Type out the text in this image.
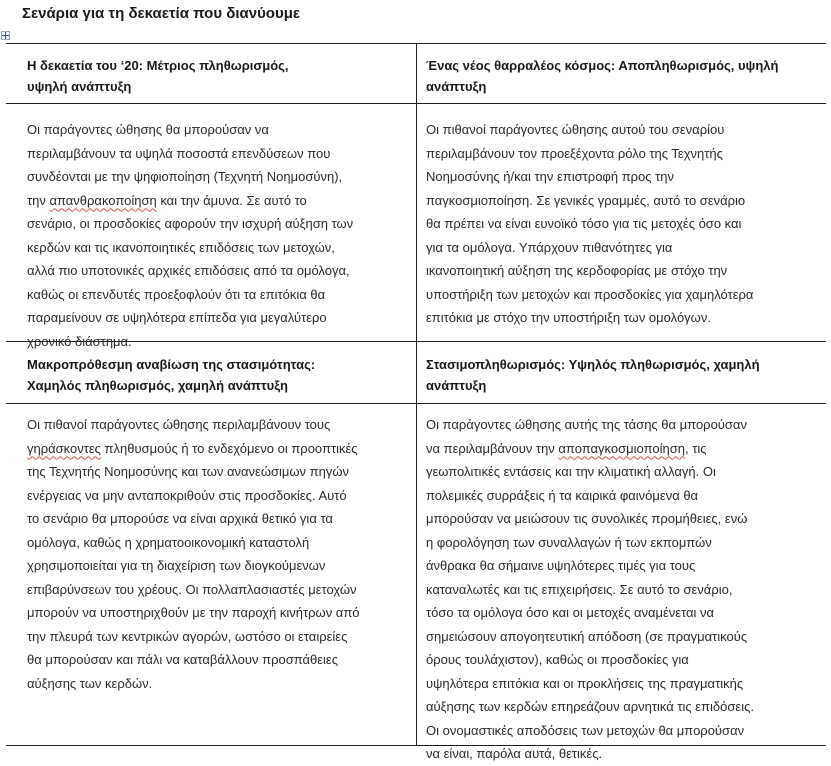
Σενάρια για τη δεκαετία που διανύουμε
Η δεκαετία του ‘20: Μέτριος πληθωρισμός,
υψηλή ανάπτυξη
Οι παράγοντες ώθησης θα μπορούσαν να
περιλαμβάνουν τα υψηλά ποσοστά επενδύσεων που
συνδέονται με την ψηφιοποίηση (Τεχνητή Νοημοσύνη),
την απανθρακοποίηση και την άμυνα. Σε αυτό το
σενάριο, οι προσδοκίες αφορούν την ισχυρή αύξηση των
κερδών και τις ικανοποιητικές επιδόσεις των μετοχών,
αλλά πιο υποτονικές αρχικές επιδόσεις από τα ομόλογα,
καθώς οι επενδυτές προεξοφλούν ότι τα επιτόκια θα
παραμείνουν σε υψηλότερα επίπεδα για μεγαλύτερο
χρονικό διάστημα.
Ένας νέος θαρραλέος κόσμος: Αποπληθωρισμός, υψηλή
ανάπτυξη
Οι πιθανοί παράγοντες ώθησης αυτού του σεναρίου
περιλαμβάνουν τον προεξέχοντα ρόλο της Τεχνητής
Νοημοσύνης ή/και την επιστροφή προς την
παγκοσμιοποίηση. Σε γενικές γραμμές, αυτό το σενάριο
θα πρέπει να είναι ευνοϊκό τόσο για τις μετοχές όσο και
για τα ομόλογα. Υπάρχουν πιθανότητες για
ικανοποιητική αύξηση της κερδοφορίας με στόχο την
υποστήριξη των μετοχών και προσδοκίες για χαμηλότερα
επιτόκια με στόχο την υποστήριξη των ομολόγων.
Μακροπρόθεσμη αναβίωση της στασιμότητας:
Χαμηλός πληθωρισμός, χαμηλή ανάπτυξη
Οι πιθανοί παράγοντες ώθησης περιλαμβάνουν τους
γηράσκοντες πληθυσμούς ή το ενδεχόμενο οι προοπτικές
της Τεχνητής Νοημοσύνης και των ανανεώσιμων πηγών
ενέργειας να μην ανταποκριθούν στις προσδοκίες. Αυτό
το σενάριο θα μπορούσε να είναι αρχικά θετικό για τα
ομόλογα, καθώς η χρηματοοικονομική καταστολή
χρησιμοποιείται για τη διαχείριση των διογκούμενων
επιβαρύνσεων του χρέους. Οι πολλαπλασιαστές μετοχών
μπορούν να υποστηριχθούν με την παροχή κινήτρων από
την πλευρά των κεντρικών αγορών, ωστόσο οι εταιρείες
θα μπορούσαν και πάλι να καταβάλλουν προσπάθειες
αύξησης των κερδών.
Στασιμοπληθωρισμός: Υψηλός πληθωρισμός, χαμηλή
ανάπτυξη
Οι παράγοντες ώθησης αυτής της τάσης θα μπορούσαν
να περιλαμβάνουν την αποπαγκοσμιοποίηση, τις
γεωπολιτικές εντάσεις και την κλιματική αλλαγή. Οι
πολεμικές συρράξεις ή τα καιρικά φαινόμενα θα
μπορούσαν να μειώσουν τις συνολικές προμήθειες, ενώ
η φορολόγηση των συναλλαγών ή των εκπομπών
άνθρακα θα σήμαινε υψηλότερες τιμές για τους
καταναλωτές και τις επιχειρήσεις. Σε αυτό το σενάριο,
τόσο τα ομόλογα όσο και οι μετοχές αναμένεται να
σημειώσουν απογοητευτική απόδοση (σε πραγματικούς
όρους τουλάχιστον), καθώς οι προσδοκίες για
υψηλότερα επιτόκια και οι προκλήσεις της πραγματικής
αύξησης των κερδών επηρεάζουν αρνητικά τις επιδόσεις.
Οι ονομαστικές αποδόσεις των μετοχών θα μπορούσαν
να είναι, παρόλα αυτά, θετικές.
